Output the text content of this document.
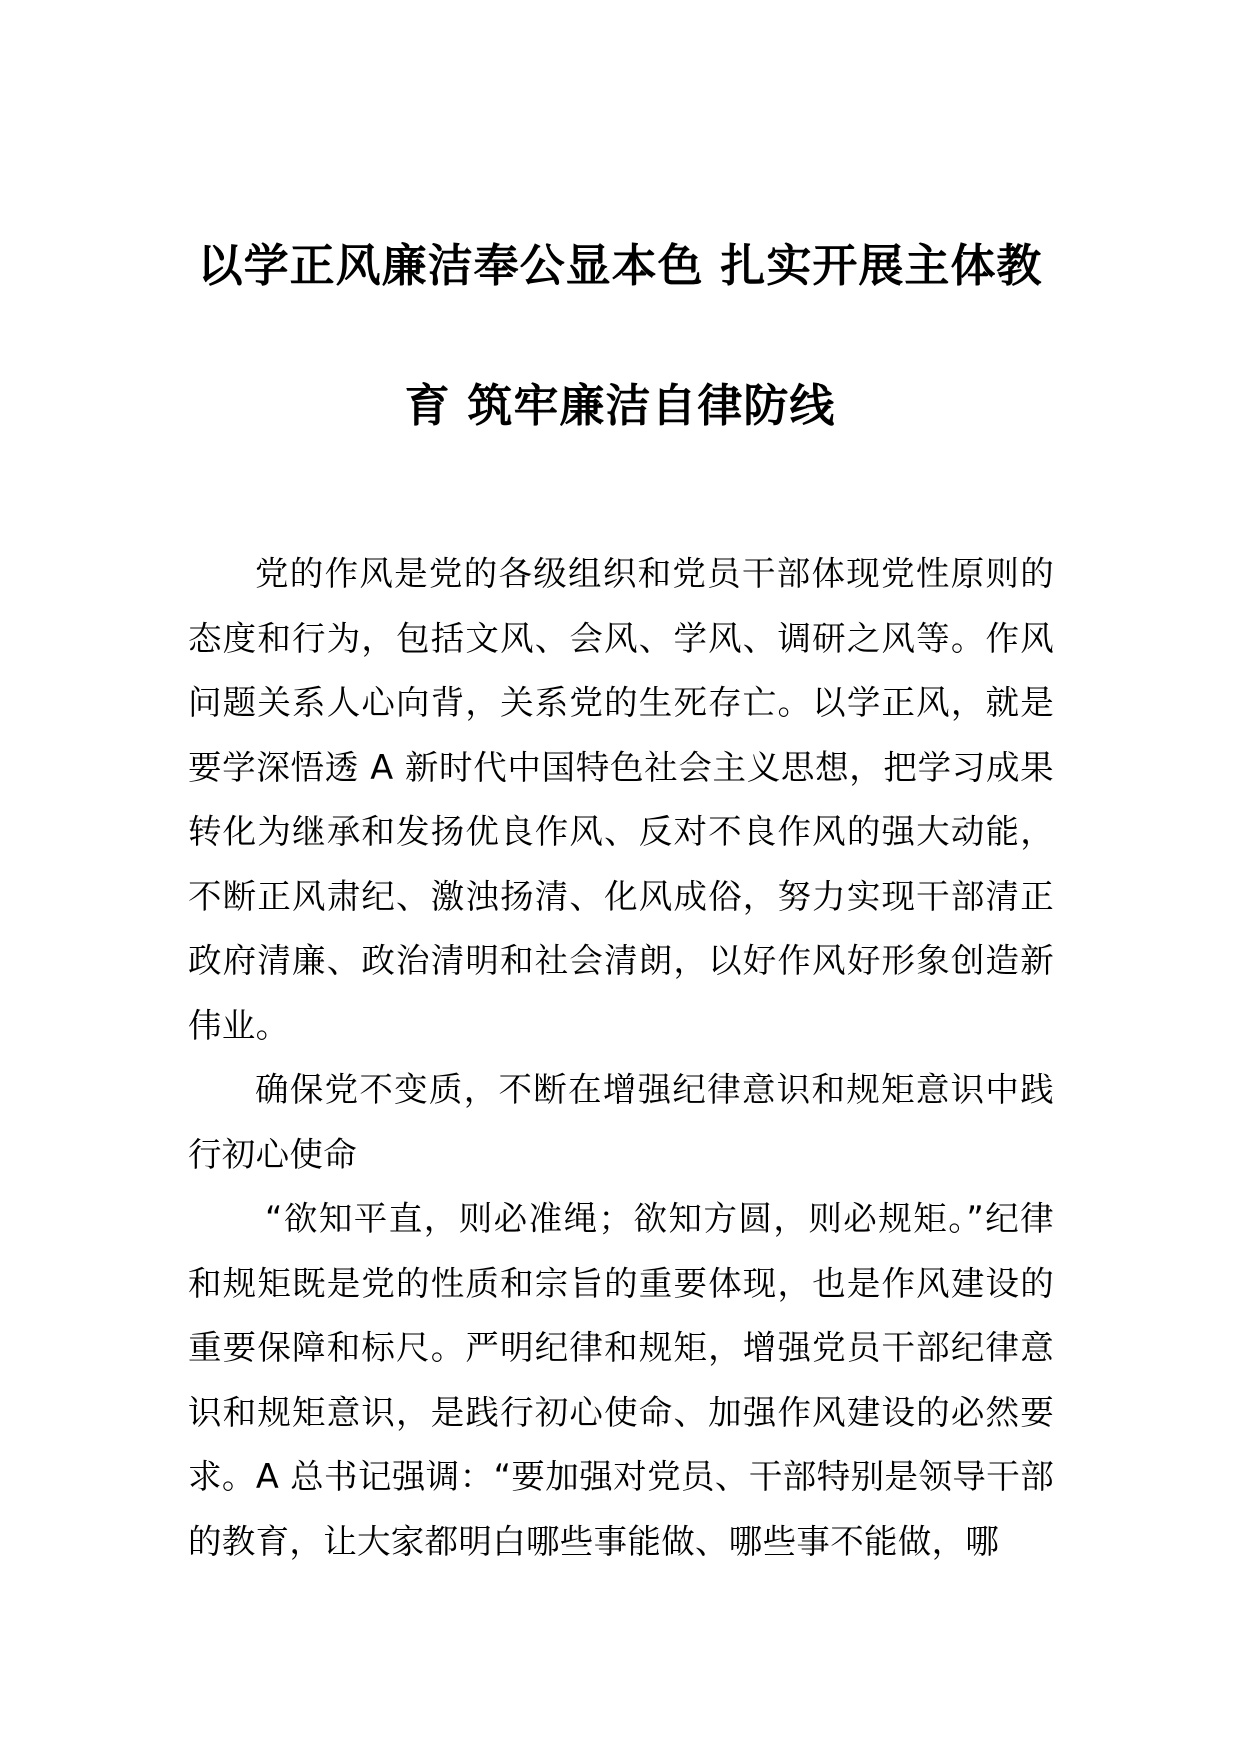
以学正风廉洁奉公显本色 扎实开展主体教
育 筑牢廉洁自律防线

党的作风是党的各级组织和党员干部体现党性原则的态度和行为，包括文风、会风、学风、调研之风等。作风问题关系人心向背，关系党的生死存亡。以学正风，就是要学深悟透 A 新时代中国特色社会主义思想，把学习成果转化为继承和发扬优良作风、反对不良作风的强大动能，不断正风肃纪、激浊扬清、化风成俗，努力实现干部清正政府清廉、政治清明和社会清朗，以好作风好形象创造新伟业。

确保党不变质，不断在增强纪律意识和规矩意识中践行初心使命

“欲知平直，则必准绳；欲知方圆，则必规矩。”纪律和规矩既是党的性质和宗旨的重要体现，也是作风建设的重要保障和标尺。严明纪律和规矩，增强党员干部纪律意识和规矩意识，是践行初心使命、加强作风建设的必然要求。A 总书记强调：“要加强对党员、干部特别是领导干部的教育，让大家都明白哪些事能做、哪些事不能做，哪
